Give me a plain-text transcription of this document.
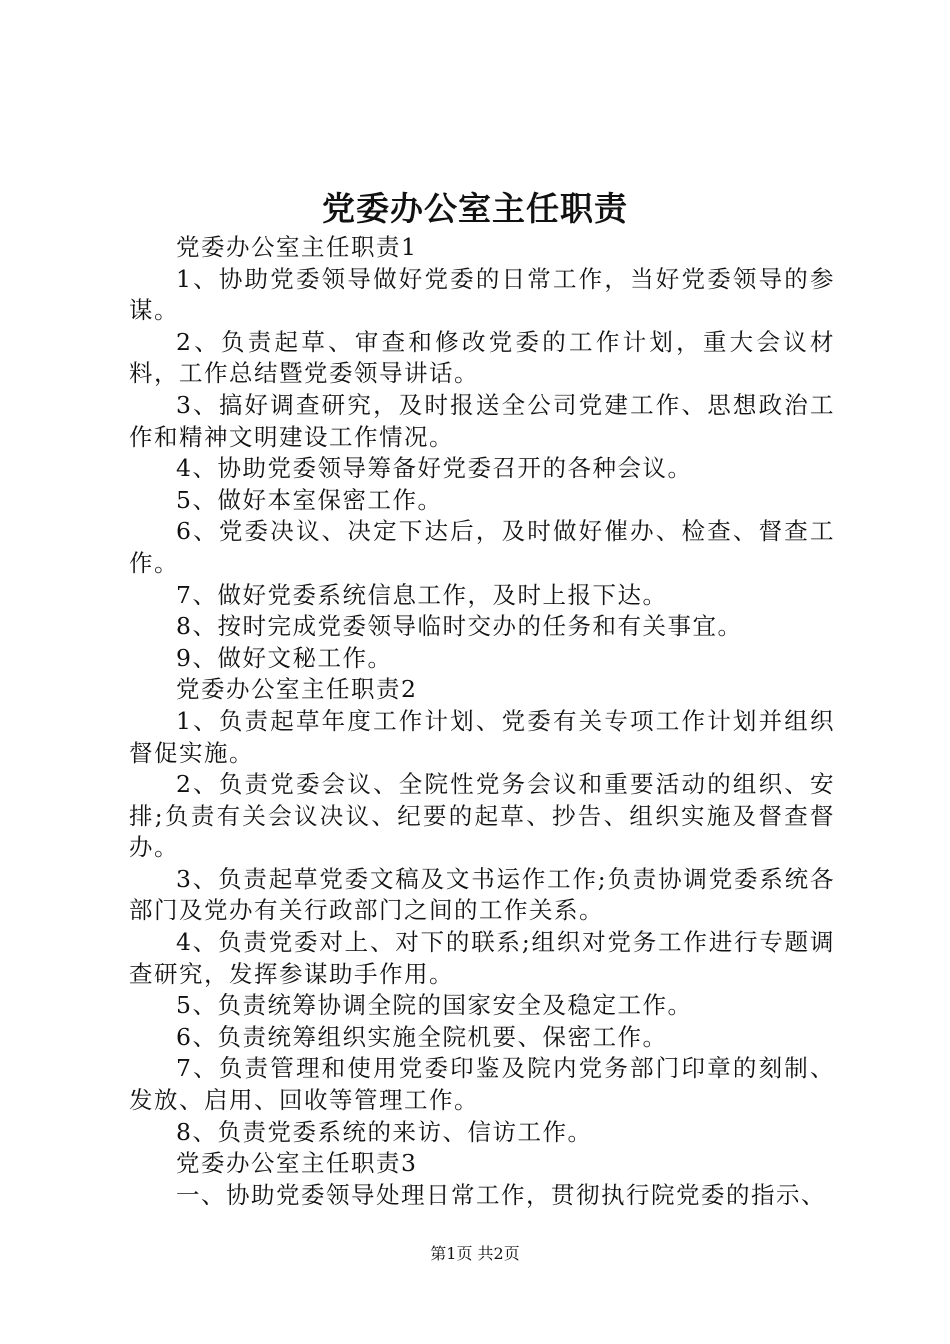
党委办公室主任职责

党委办公室主任职责1

1、协助党委领导做好党委的日常工作，当好党委领导的参谋。

2、负责起草、审查和修改党委的工作计划，重大会议材料，工作总结暨党委领导讲话。

3、搞好调查研究，及时报送全公司党建工作、思想政治工作和精神文明建设工作情况。

4、协助党委领导筹备好党委召开的各种会议。

5、做好本室保密工作。

6、党委决议、决定下达后，及时做好催办、检查、督查工作。

7、做好党委系统信息工作，及时上报下达。

8、按时完成党委领导临时交办的任务和有关事宜。

9、做好文秘工作。

党委办公室主任职责2

1、负责起草年度工作计划、党委有关专项工作计划并组织督促实施。

2、负责党委会议、全院性党务会议和重要活动的组织、安排;负责有关会议决议、纪要的起草、抄告、组织实施及督查督办。

3、负责起草党委文稿及文书运作工作;负责协调党委系统各部门及党办有关行政部门之间的工作关系。

4、负责党委对上、对下的联系;组织对党务工作进行专题调查研究，发挥参谋助手作用。

5、负责统筹协调全院的国家安全及稳定工作。

6、负责统筹组织实施全院机要、保密工作。

7、负责管理和使用党委印鉴及院内党务部门印章的刻制、发放、启用、回收等管理工作。

8、负责党委系统的来访、信访工作。

党委办公室主任职责3

一、协助党委领导处理日常工作，贯彻执行院党委的指示、

第1页 共2页
